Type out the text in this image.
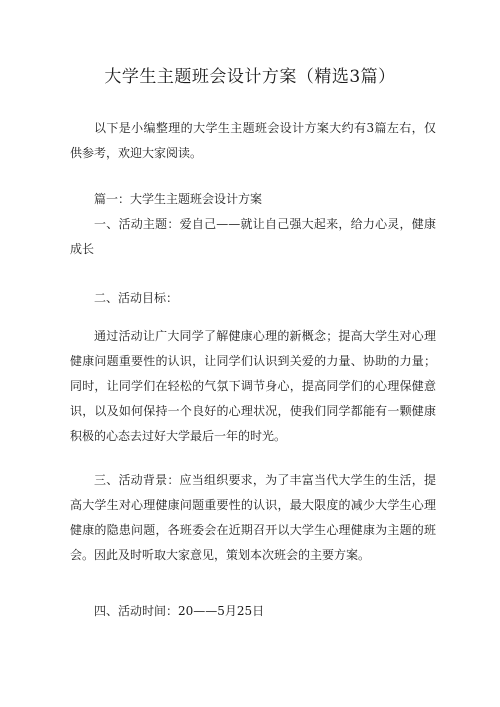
大学生主题班会设计方案（精选3篇）
以下是小编整理的大学生主题班会设计方案大约有3篇左右，仅供参考，欢迎大家阅读。
篇一：大学生主题班会设计方案
一、活动主题：爱自己——就让自己强大起来，给力心灵，健康成长
二、活动目标：
通过活动让广大同学了解健康心理的新概念；提高大学生对心理健康问题重要性的认识，让同学们认识到关爱的力量、协助的力量；同时，让同学们在轻松的气氛下调节身心，提高同学们的心理保健意识，以及如何保持一个良好的心理状况，使我们同学都能有一颗健康积极的心态去过好大学最后一年的时光。
三、活动背景：应当组织要求，为了丰富当代大学生的生活，提高大学生对心理健康问题重要性的认识，最大限度的减少大学生心理健康的隐患问题，各班委会在近期召开以大学生心理健康为主题的班会。因此及时听取大家意见，策划本次班会的主要方案。
四、活动时间：20——5月25日
